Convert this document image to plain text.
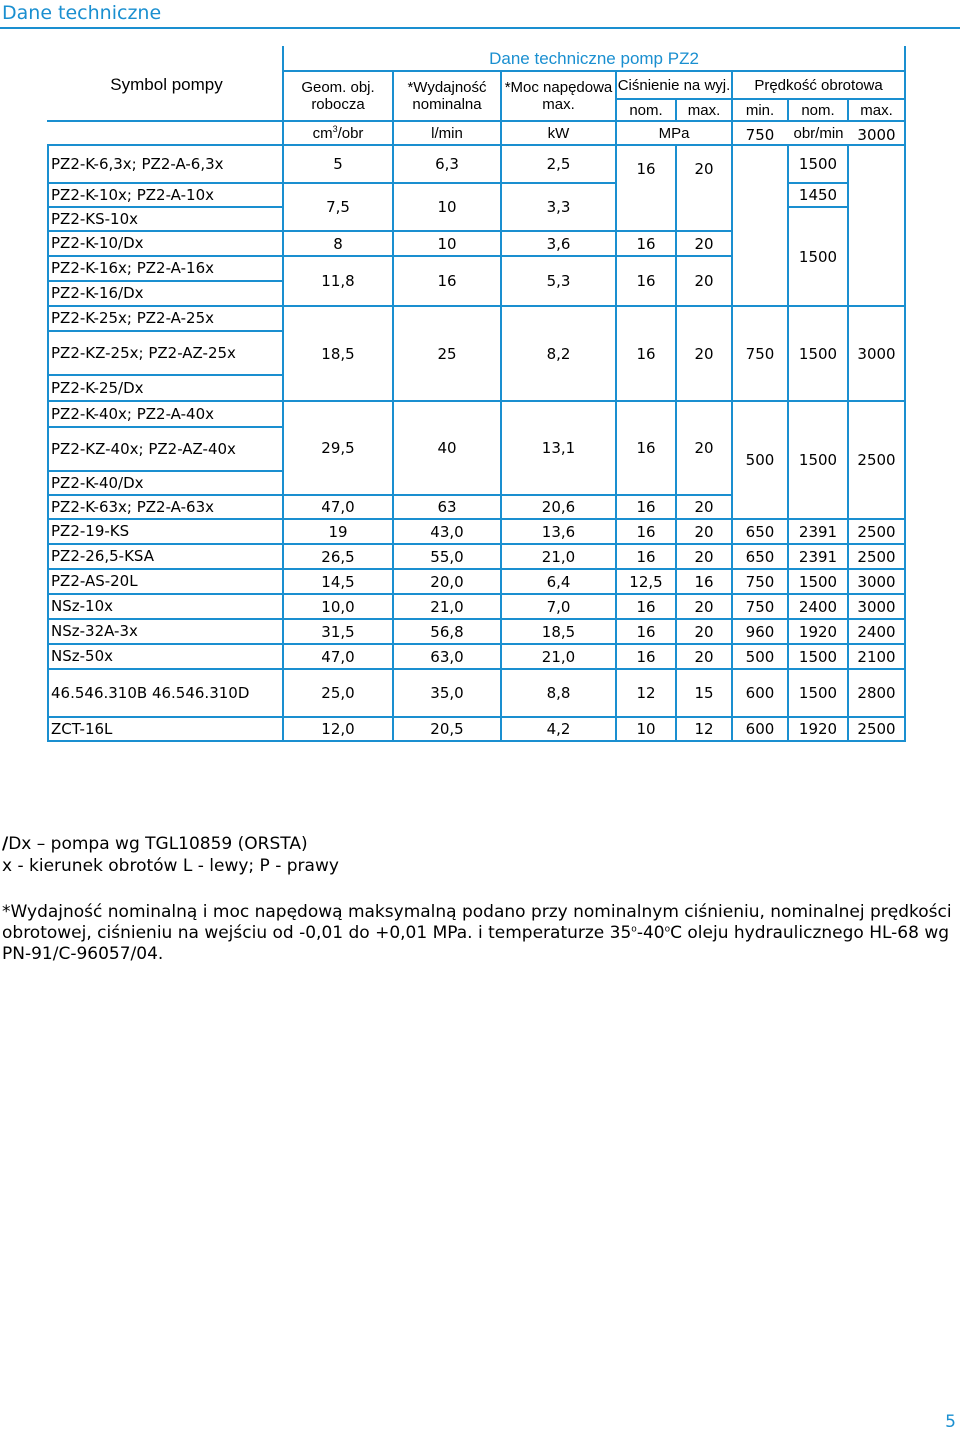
Dane techniczne
Symbol pompy	Dane techniczne pomp PZ2							
	Geom. obj. robocza	*Wydajność nominalna	*Moc napędowa max.	Ciśnienie na wyj.		Prędkość obrotowa		
				nom.	max.	min.	nom.	max.
	$cm^3$/obr	l/min	kW	MPa		obr/min		
PZ2-K-6,3x; PZ2-A-6,3x	5	6,3	2,5	16	20	750	1500	3000

PZ2-K-10x; PZ2-A-10x	7,5	10	3,3				1450	
PZ2-KS-10x							1500	
PZ2-K-10/Dx	8	10	3,6	16	20			
PZ2-K-16x; PZ2-A-16x	11,8	16	5,3	16	20			
PZ2-K-16/Dx								
PZ2-K-25x; PZ2-A-25x	18,5	25	8,2	16	20	750	1500	3000
PZ2-KZ-25x; PZ2-AZ-25x								
PZ2-K-25/Dx								
PZ2-K-40x; PZ2-A-40x	29,5	40	13,1	16	20	500	1500	2500
PZ2-KZ-40x; PZ2-AZ-40x								
PZ2-K-40/Dx								
PZ2-K-63x; PZ2-A-63x	47,0	63	20,6	16	20			
PZ2-19-KS	19	43,0	13,6	16	20	650	2391	2500
PZ2-26,5-KSA	26,5	55,0	21,0	16	20	650	2391	2500
PZ2-AS-20L	14,5	20,0	6,4	12,5	16	750	1500	3000
NSz-10x	10,0	21,0	7,0	16	20	750	2400	3000
NSz-32A-3x	31,5	56,8	18,5	16	20	960	1920	2400
NSz-50x	47,0	63,0	21,0	16	20	500	1500	2100
46.546.310B 46.546.310D	25,0	35,0	8,8	12	15	600	1500	2800
ZCT-16L	12,0	20,5	4,2	10	12	600	1920	2500
/Dx – pompa wg TGL10859 (ORSTA)
x - kierunek obrotów L - lewy; P - prawy
*Wydajność nominalną i moc napędową maksymalną podano przy nominalnym ciśnieniu, nominalnej prędkości obrotowej, ciśnieniu na wejściu od -0,01 do +0,01 MPa. i temperaturze 35$^o$-40$^o$C oleju hydraulicznego HL-68 wg PN-91/C-96057/04.
5
